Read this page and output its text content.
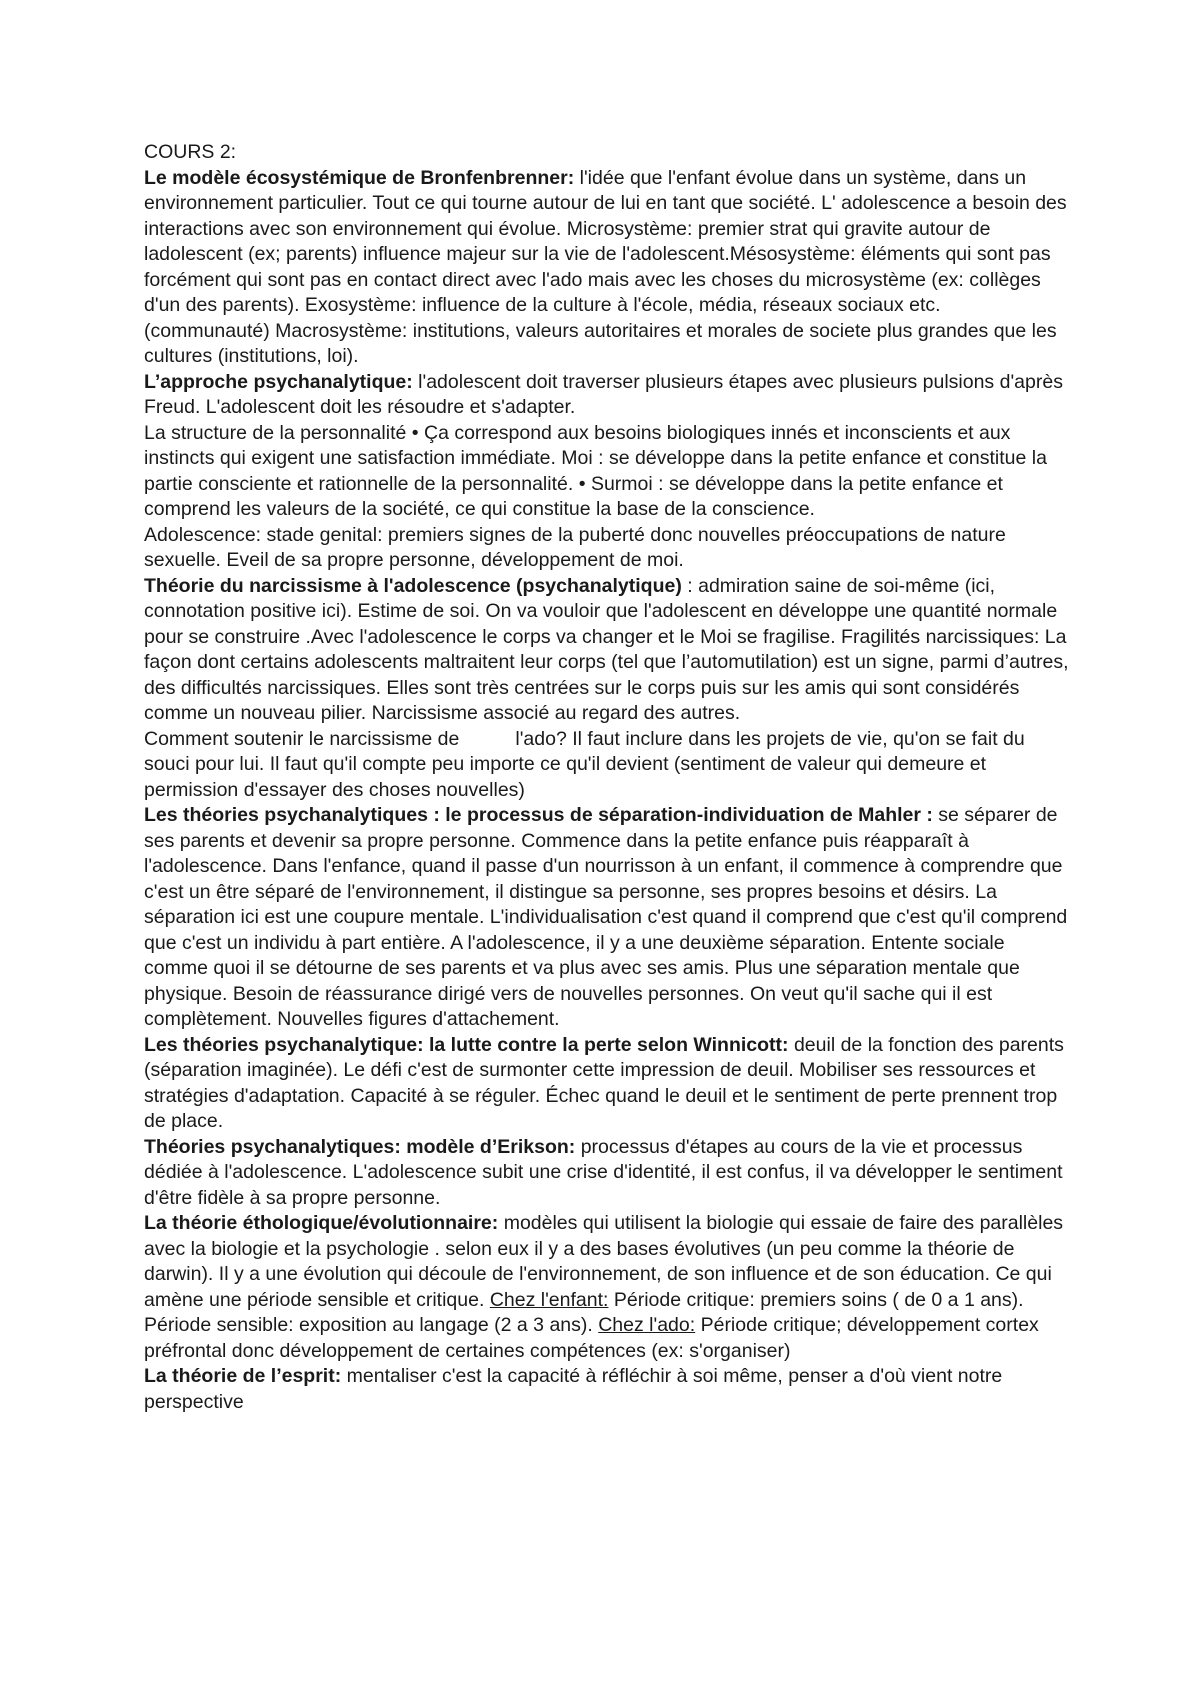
COURS 2:

Le modèle écosystémique de Bronfenbrenner: l'idée que l'enfant évolue dans un système, dans un environnement particulier. Tout ce qui tourne autour de lui en tant que société. L' adolescence a besoin des interactions avec son environnement qui évolue. Microsystème: premier strat qui gravite autour de ladolescent (ex; parents) influence majeur sur la vie de l'adolescent.Mésosystème: éléments qui sont pas forcément qui sont pas en contact direct avec l'ado mais avec les choses du microsystème (ex: collèges d'un des parents). Exosystème: influence de la culture à l'école, média, réseaux sociaux etc. (communauté) Macrosystème: institutions, valeurs autoritaires et morales de societe plus grandes que les cultures (institutions, loi).

L’approche psychanalytique: l'adolescent doit traverser plusieurs étapes avec plusieurs pulsions d'après Freud. L'adolescent doit les résoudre et s'adapter.

La structure de la personnalité • Ça correspond aux besoins biologiques innés et inconscients et aux instincts qui exigent une satisfaction immédiate. Moi : se développe dans la petite enfance et constitue la partie consciente et rationnelle de la personnalité. • Surmoi : se développe dans la petite enfance et comprend les valeurs de la société, ce qui constitue la base de la conscience.

Adolescence: stade genital: premiers signes de la puberté donc nouvelles préoccupations de nature sexuelle. Eveil de sa propre personne, développement de moi.

Théorie du narcissisme à l'adolescence (psychanalytique) : admiration saine de soi-même (ici, connotation positive ici). Estime de soi. On va vouloir que l'adolescent en développe une quantité normale pour se construire .Avec l'adolescence le corps va changer et le Moi se fragilise. Fragilités narcissiques: La façon dont certains adolescents maltraitent leur corps (tel que l’automutilation) est un signe, parmi d’autres, des difficultés narcissiques. Elles sont très centrées sur le corps puis sur les amis qui sont considérés comme un nouveau pilier. Narcissisme associé au regard des autres.

Comment soutenir le narcissisme de	l'ado? Il faut inclure dans les projets de vie, qu'on se fait du souci pour lui. Il faut qu'il compte peu importe ce qu'il devient (sentiment de valeur qui demeure et permission d'essayer des choses nouvelles)

Les théories psychanalytiques : le processus de séparation-individuation de Mahler : se séparer de ses parents et devenir sa propre personne. Commence dans la petite enfance puis réapparaît à l'adolescence. Dans l'enfance, quand il passe d'un nourrisson à un enfant, il commence à comprendre que c'est un être séparé de l'environnement, il distingue sa personne, ses propres besoins et désirs. La séparation ici est une coupure mentale. L'individualisation c'est quand il comprend que c'est qu'il comprend que c'est un individu à part entière. A l'adolescence, il y a une deuxième séparation. Entente sociale comme quoi il se détourne de ses parents et va plus avec ses amis. Plus une séparation mentale que physique. Besoin de réassurance dirigé vers de nouvelles personnes. On veut qu'il sache qui il est complètement. Nouvelles figures d'attachement.

Les théories psychanalytique: la lutte contre la perte selon Winnicott: deuil de la fonction des parents (séparation imaginée). Le défi c'est de surmonter cette impression de deuil. Mobiliser ses ressources et stratégies d'adaptation. Capacité à se réguler. Échec quand le deuil et le sentiment de perte prennent trop de place.

Théories psychanalytiques: modèle d’Erikson: processus d'étapes au cours de la vie et processus dédiée à l'adolescence. L'adolescence subit une crise d'identité, il est confus, il va développer le sentiment d'être fidèle à sa propre personne.

La théorie éthologique/évolutionnaire: modèles qui utilisent la biologie qui essaie de faire des parallèles avec la biologie et la psychologie . selon eux il y a des bases évolutives (un peu comme la théorie de darwin). Il y a une évolution qui découle de l'environnement, de son influence et de son éducation. Ce qui amène une période sensible et critique. Chez l'enfant: Période critique: premiers soins ( de 0 a 1 ans). Période sensible: exposition au langage (2 a 3 ans). Chez l'ado: Période critique; développement cortex préfrontal donc développement de certaines compétences (ex: s'organiser)

La théorie de l’esprit: mentaliser c'est la capacité à réfléchir à soi même, penser a d'où vient notre perspective
